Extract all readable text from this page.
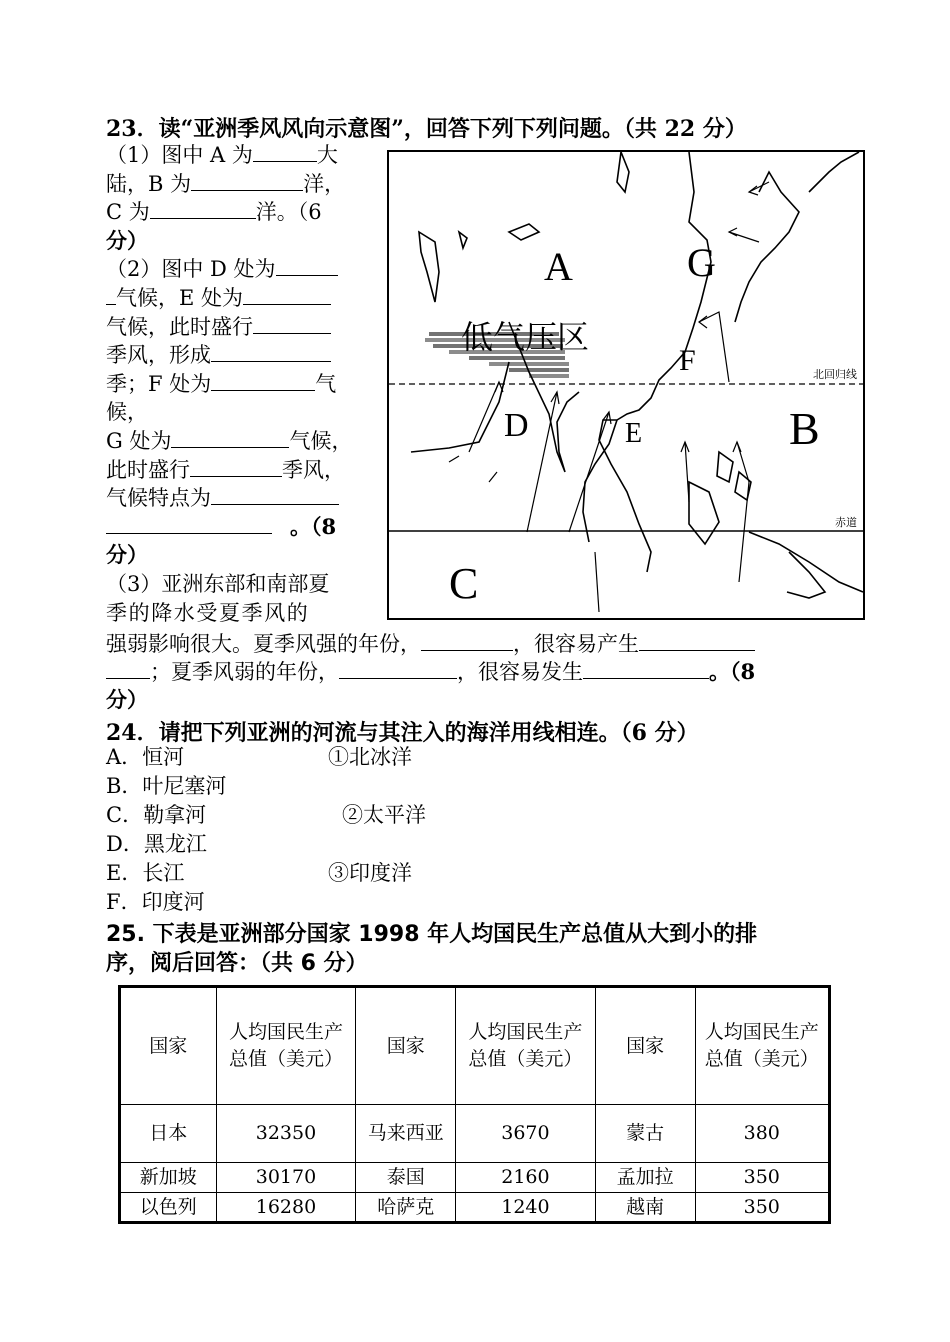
23．读“亚洲季风风向示意图”，回答下列下列问题。（共 22 分）
（1）图中 A 为	大
陆，B 为	洋，
C 为	洋。（6
分）
（2）图中 D 处为
气候，E 处为
气候，此时盛行
季风，形成
季；F 处为	气
候，
G 处为	气候，
此时盛行	季风，
气候特点为
。（8
分）
（3）亚洲东部和南部夏
季的降水受夏季风的
强弱影响很大。夏季风强的年份，	，很容易产生
；夏季风弱的年份，	，很容易发生	。（8
分）
A	G
F
D	E	B
C
低气压区
北回归线
赤道
24．请把下列亚洲的河流与其注入的海洋用线相连。（6 分）
A．恒河
B．叶尼塞河
C．勒拿河
D．黑龙江
E．长江
F．印度河
①北冰洋
②太平洋
③印度洋
25. 下表是亚洲部分国家 1998 年人均国民生产总值从大到小的排
序，阅后回答：（共 6 分）
国家	人均国民生产总值（美元）	国家	人均国民生产总值（美元）	国家	人均国民生产总值（美元）
日本	32350	马来西亚	3670	蒙古	380
新加坡	30170	泰国	2160	孟加拉	350
以色列	16280	哈萨克	1240	越南	350
